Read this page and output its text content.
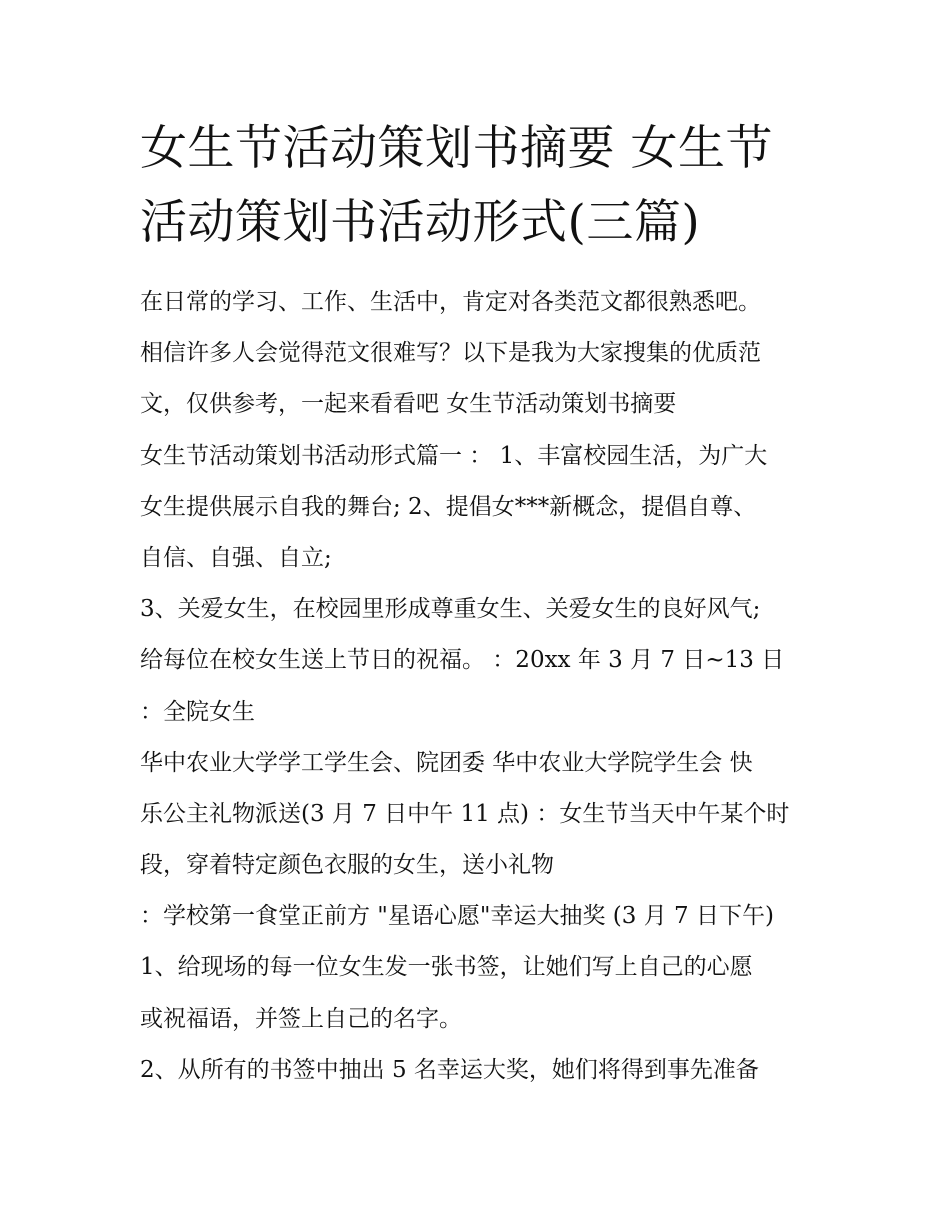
女生节活动策划书摘要 女生节活动策划书活动形式(三篇)
在日常的学习、工作、生活中，肯定对各类范文都很熟悉吧。
相信许多人会觉得范文很难写？以下是我为大家搜集的优质范
文，仅供参考，一起来看看吧 女生节活动策划书摘要
女生节活动策划书活动形式篇一 ： 1、丰富校园生活，为广大
女生提供展示自我的舞台; 2、提倡女***新概念，提倡自尊、
自信、自强、自立;
3、关爱女生，在校园里形成尊重女生、关爱女生的良好风气;
给每位在校女生送上节日的祝福。 ：20xx 年 3 月 7 日~13 日
：全院女生
华中农业大学学工学生会、院团委 华中农业大学院学生会 快
乐公主礼物派送(3 月 7 日中午 11 点) ：女生节当天中午某个时
段，穿着特定颜色衣服的女生，送小礼物
：学校第一食堂正前方 "星语心愿"幸运大抽奖 (3 月 7 日下午)
1、给现场的每一位女生发一张书签，让她们写上自己的心愿
或祝福语，并签上自己的名字。
2、从所有的书签中抽出 5 名幸运大奖，她们将得到事先准备
